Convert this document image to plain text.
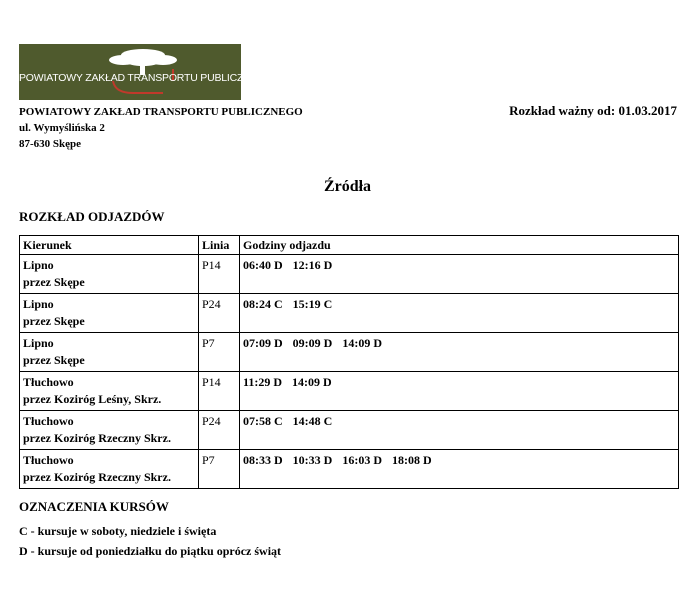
POWIATOWY ZAKŁAD TRANSPORTU PUBLICZNEGO
POWIATOWY ZAKŁAD TRANSPORTU PUBLICZNEGO
ul. Wymyślińska 2
87-630 Skępe
Rozkład ważny od: 01.03.2017
Źródła
ROZKŁAD ODJAZDÓW
Kierunek	Linia	Godziny odjazdu

Lipno
przez Skępe	P14	06:40 D 12:16 D

Lipno
przez Skępe	P24	08:24 C 15:19 C

Lipno
przez Skępe	P7	07:09 D 09:09 D 14:09 D

Tłuchowo
przez Koziróg Leśny, Skrz.	P14	11:29 D 14:09 D

Tłuchowo
przez Koziróg Rzeczny Skrz.	P24	07:58 C 14:48 C

Tłuchowo
przez Koziróg Rzeczny Skrz.	P7	08:33 D 10:33 D 16:03 D 18:08 D
OZNACZENIA KURSÓW
C - kursuje w soboty, niedziele i święta
D - kursuje od poniedziałku do piątku oprócz świąt
